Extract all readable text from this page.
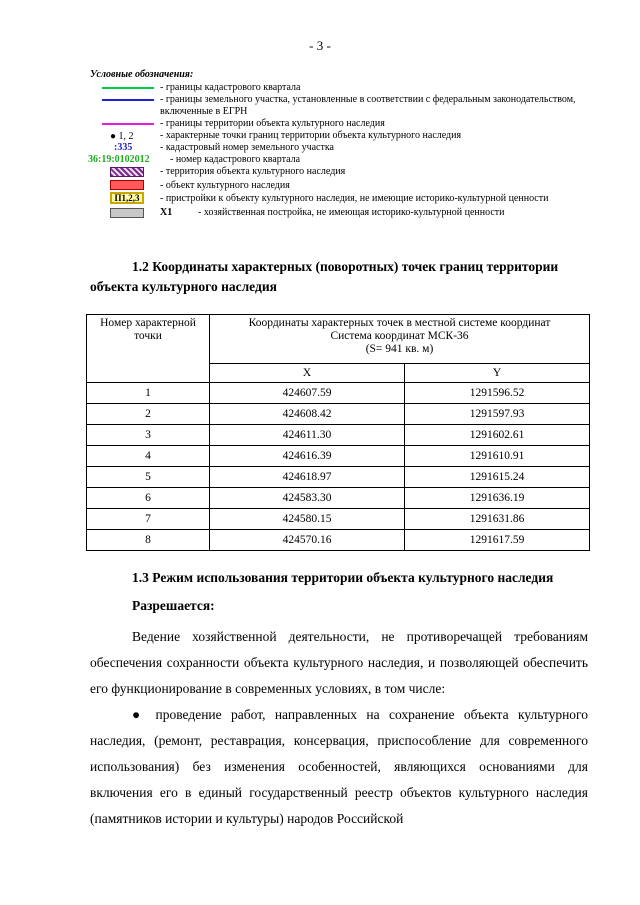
- 3 -
Условные обозначения:
- границы кадастрового квартала
- границы земельного участка, установленные в соответствии с федеральным законодательством, включенные в ЕГРН
- границы территории объекта культурного наследия
● 1, 2	- характерные точки границ территории объекта культурного наследия
:335	- кадастровый номер земельного участка
36:19:0102012 - номер кадастрового квартала
- территория объекта культурного наследия
- объект культурного наследия
П1,2,3	- пристройки к объекту культурного наследия, не имеющие историко-культурной ценности
Х1	- хозяйственная постройка, не имеющая историко-культурной ценности
1.2 Координаты характерных (поворотных) точек границ территории объекта культурного наследия
Номер характерной точки	Координаты характерных точек в местной системе координат
Система координат МСК-36
(S= 941 кв. м)	

	X	Y
1	424607.59	1291596.52
2	424608.42	1291597.93
3	424611.30	1291602.61
4	424616.39	1291610.91
5	424618.97	1291615.24
6	424583.30	1291636.19
7	424580.15	1291631.86
8	424570.16	1291617.59
1.3 Режим использования территории объекта культурного наследия
Разрешается:
Ведение хозяйственной деятельности, не противоречащей требованиям обеспечения сохранности объекта культурного наследия, и позволяющей обеспечить его функционирование в современных условиях, в том числе:
● проведение работ, направленных на сохранение объекта культурного наследия, (ремонт, реставрация, консервация, приспособление для современного использования) без изменения особенностей, являющихся основаниями для включения его в единый государственный реестр объектов культурного наследия (памятников истории и культуры) народов Российской
